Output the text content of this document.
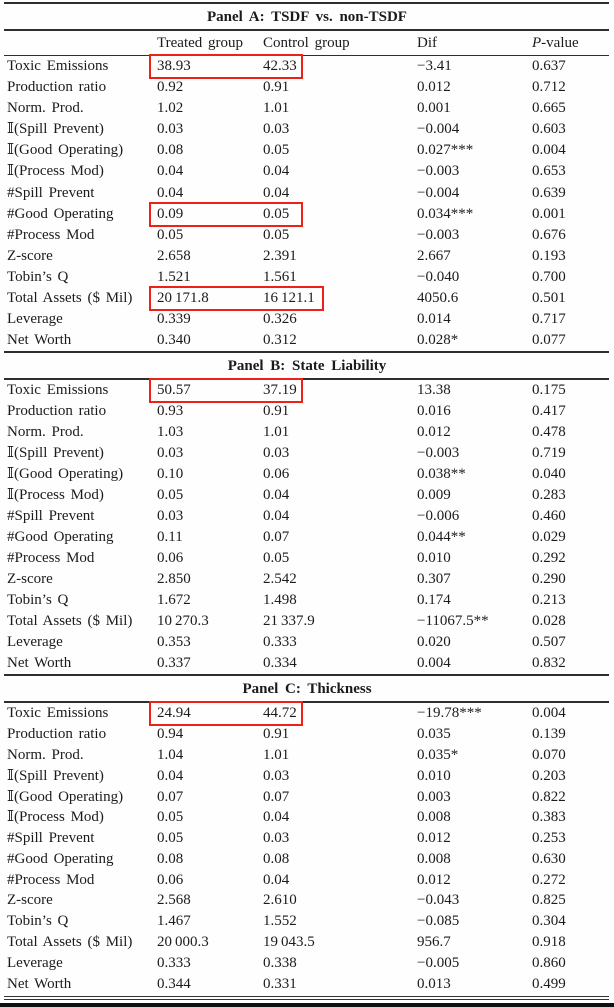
Panel A: TSDF vs. non-TSDF
Treated group	Control group	Dif	P-value
Toxic Emissions	38.93	42.33	−3.41	0.637
Production ratio	0.92	0.91	0.012	0.712
Norm. Prod.	1.02	1.01	0.001	0.665
𝕀(Spill Prevent)	0.03	0.03	−0.004	0.603
𝕀(Good Operating)	0.08	0.05	0.027***	0.004
𝕀(Process Mod)	0.04	0.04	−0.003	0.653
#Spill Prevent	0.04	0.04	−0.004	0.639
#Good Operating	0.09	0.05	0.034***	0.001
#Process Mod	0.05	0.05	−0.003	0.676
Z-score	2.658	2.391	2.667	0.193
Tobin’s Q	1.521	1.561	−0.040	0.700
Total Assets ($ Mil)	20 171.8	16 121.1	4050.6	0.501
Leverage	0.339	0.326	0.014	0.717
Net Worth	0.340	0.312	0.028*	0.077
Panel B: State Liability
Toxic Emissions	50.57	37.19	13.38	0.175
Production ratio	0.93	0.91	0.016	0.417
Norm. Prod.	1.03	1.01	0.012	0.478
𝕀(Spill Prevent)	0.03	0.03	−0.003	0.719
𝕀(Good Operating)	0.10	0.06	0.038**	0.040
𝕀(Process Mod)	0.05	0.04	0.009	0.283
#Spill Prevent	0.03	0.04	−0.006	0.460
#Good Operating	0.11	0.07	0.044**	0.029
#Process Mod	0.06	0.05	0.010	0.292
Z-score	2.850	2.542	0.307	0.290
Tobin’s Q	1.672	1.498	0.174	0.213
Total Assets ($ Mil)	10 270.3	21 337.9	−11067.5**	0.028
Leverage	0.353	0.333	0.020	0.507
Net Worth	0.337	0.334	0.004	0.832
Panel C: Thickness
Toxic Emissions	24.94	44.72	−19.78***	0.004
Production ratio	0.94	0.91	0.035	0.139
Norm. Prod.	1.04	1.01	0.035*	0.070
𝕀(Spill Prevent)	0.04	0.03	0.010	0.203
𝕀(Good Operating)	0.07	0.07	0.003	0.822
𝕀(Process Mod)	0.05	0.04	0.008	0.383
#Spill Prevent	0.05	0.03	0.012	0.253
#Good Operating	0.08	0.08	0.008	0.630
#Process Mod	0.06	0.04	0.012	0.272
Z-score	2.568	2.610	−0.043	0.825
Tobin’s Q	1.467	1.552	−0.085	0.304
Total Assets ($ Mil)	20 000.3	19 043.5	956.7	0.918
Leverage	0.333	0.338	−0.005	0.860
Net Worth	0.344	0.331	0.013	0.499
